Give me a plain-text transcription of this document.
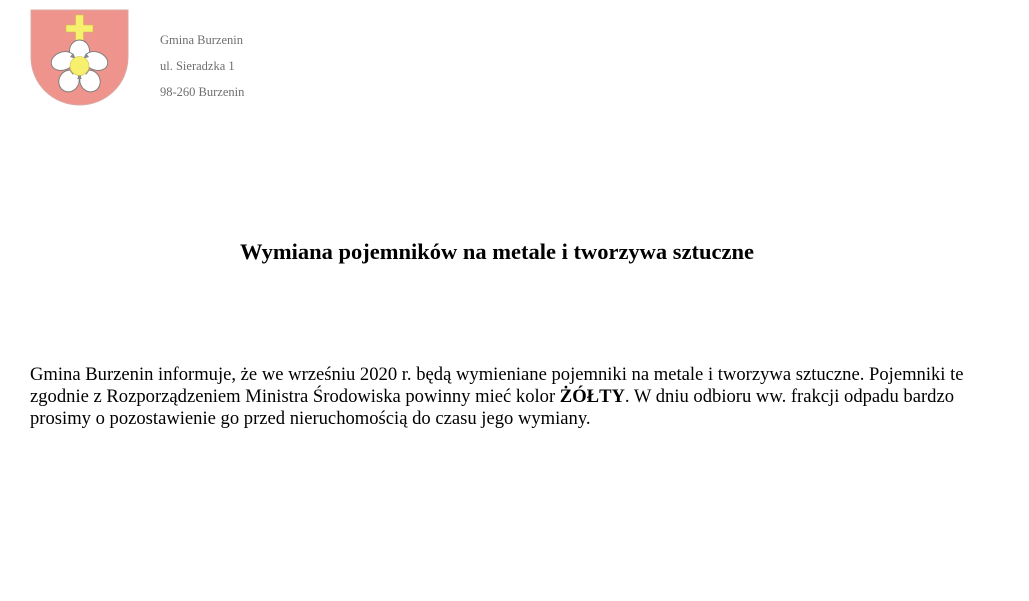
Gmina Burzenin
ul. Sieradzka 1
98-260 Burzenin
Wymiana pojemników na metale i tworzywa sztuczne

Gmina Burzenin informuje, że we wrześniu 2020 r. będą wymieniane pojemniki na metale i tworzywa sztuczne. Pojemniki te zgodnie z Rozporządzeniem Ministra Środowiska powinny mieć kolor ŻÓŁTY. W dniu odbioru ww. frakcji odpadu bardzo prosimy o pozostawienie go przed nieruchomością do czasu jego wymiany.
